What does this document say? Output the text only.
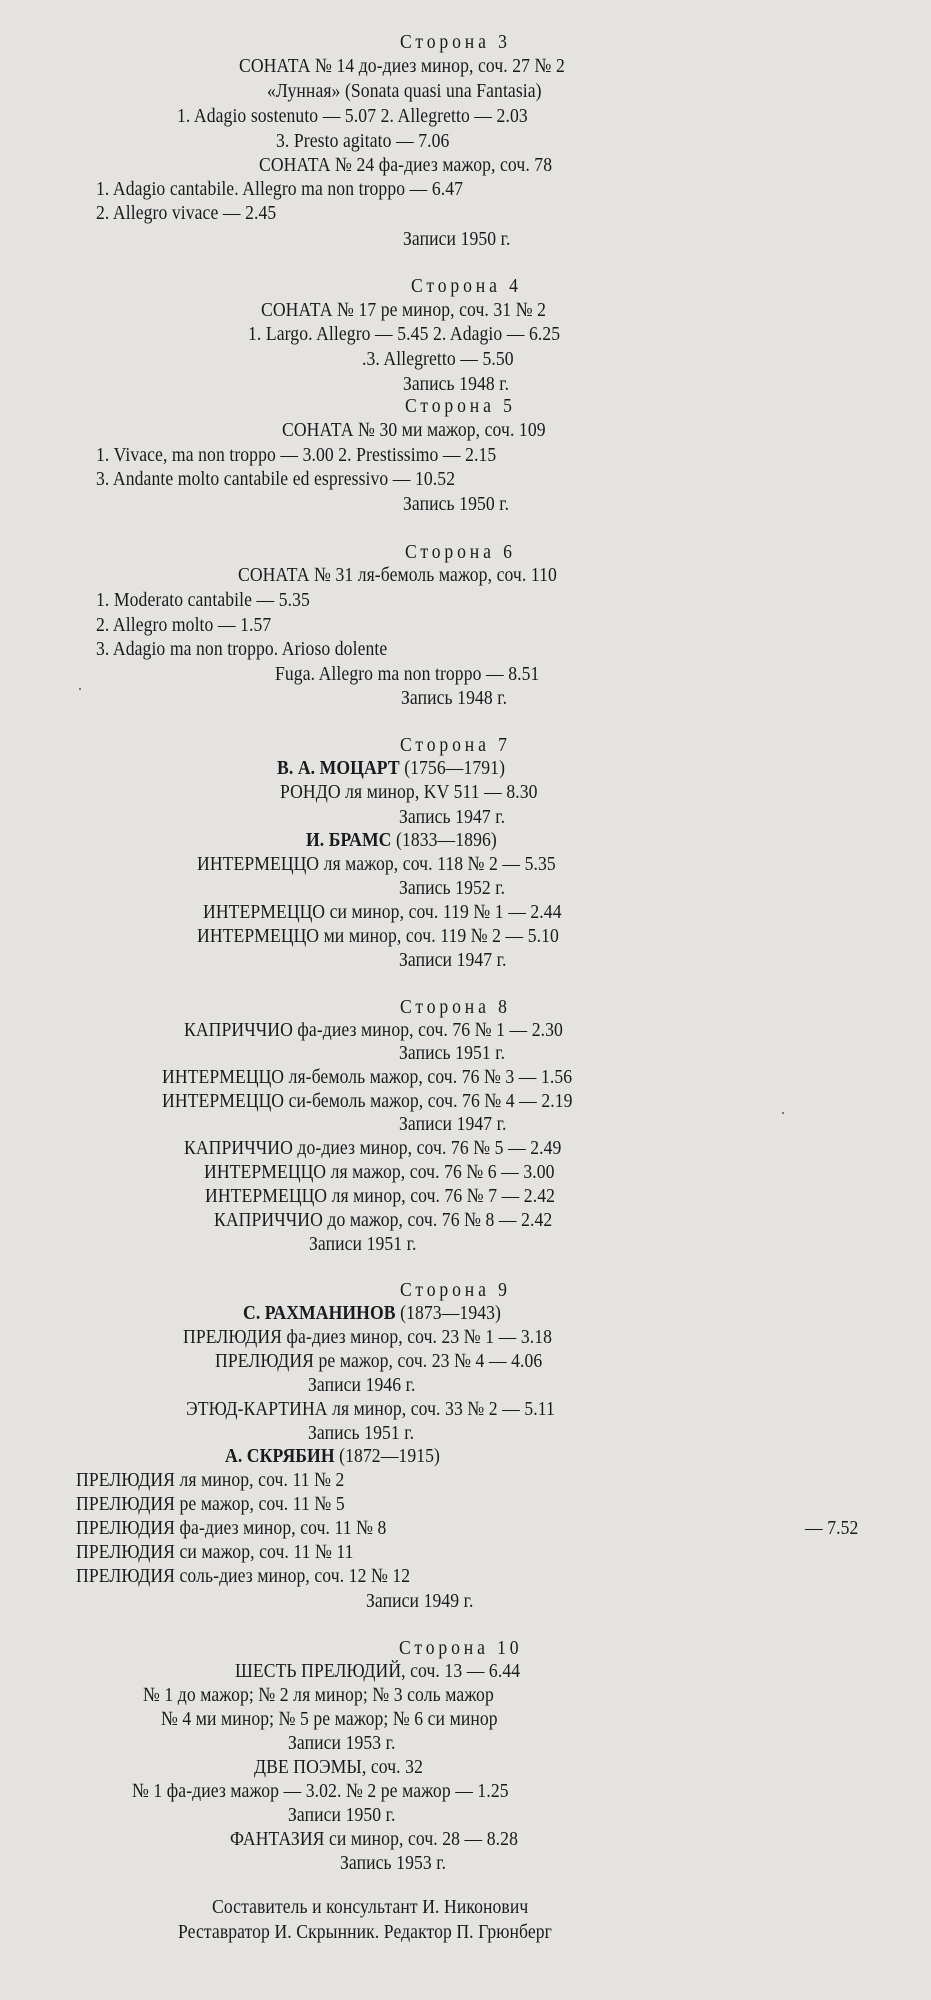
Сторона 3
СОНАТА № 14 до-диез минор, соч. 27 № 2
«Лунная» (Sonata quasi una Fantasia)
1. Adagio sostenuto — 5.07 2. Allegretto — 2.03
3. Presto agitato — 7.06
СОНАТА № 24 фа-диез мажор, соч. 78
1. Adagio cantabile. Allegro ma non troppo — 6.47
2. Allegro vivace — 2.45
Записи 1950 г.
Сторона 4
СОНАТА № 17 ре минор, соч. 31 № 2
1. Largo. Allegro — 5.45 2. Adagio — 6.25
.3. Allegretto — 5.50
Запись 1948 г.
Сторона 5
СОНАТА № 30 ми мажор, соч. 109
1. Vivace, ma non troppo — 3.00 2. Prestissimo — 2.15
3. Andante molto cantabile ed espressivo — 10.52
Запись 1950 г.
Сторона 6
СОНАТА № 31 ля-бемоль мажор, соч. 110
1. Moderato cantabile — 5.35
2. Allegro molto — 1.57
3. Adagio ma non troppo. Arioso dolente
Fuga. Allegro ma non troppo — 8.51
Запись 1948 г.
Сторона 7
В. А. МОЦАРТ (1756—1791)
РОНДО ля минор, KV 511 — 8.30
Запись 1947 г.
И. БРАМС (1833—1896)
ИНТЕРМЕЦЦО ля мажор, соч. 118 № 2 — 5.35
Запись 1952 г.
ИНТЕРМЕЦЦО си минор, соч. 119 № 1 — 2.44
ИНТЕРМЕЦЦО ми минор, соч. 119 № 2 — 5.10
Записи 1947 г.
Сторона 8
КАПРИЧЧИО фа-диез минор, соч. 76 № 1 — 2.30
Запись 1951 г.
ИНТЕРМЕЦЦО ля-бемоль мажор, соч. 76 № 3 — 1.56
ИНТЕРМЕЦЦО си-бемоль мажор, соч. 76 № 4 — 2.19
Записи 1947 г.
КАПРИЧЧИО до-диез минор, соч. 76 № 5 — 2.49
ИНТЕРМЕЦЦО ля мажор, соч. 76 № 6 — 3.00
ИНТЕРМЕЦЦО ля минор, соч. 76 № 7 — 2.42
КАПРИЧЧИО до мажор, соч. 76 № 8 — 2.42
Записи 1951 г.
Сторона 9
С. РАХМАНИНОВ (1873—1943)
ПРЕЛЮДИЯ фа-диез минор, соч. 23 № 1 — 3.18
ПРЕЛЮДИЯ ре мажор, соч. 23 № 4 — 4.06
Записи 1946 г.
ЭТЮД-КАРТИНА ля минор, соч. 33 № 2 — 5.11
Запись 1951 г.
А. СКРЯБИН (1872—1915)
ПРЕЛЮДИЯ ля минор, соч. 11 № 2
ПРЕЛЮДИЯ ре мажор, соч. 11 № 5
ПРЕЛЮДИЯ фа-диез минор, соч. 11 № 8
ПРЕЛЮДИЯ си мажор, соч. 11 № 11
ПРЕЛЮДИЯ соль-диез минор, соч. 12 № 12
— 7.52
Записи 1949 г.
Сторона 10
ШЕСТЬ ПРЕЛЮДИЙ, соч. 13 — 6.44
№ 1 до мажор; № 2 ля минор; № 3 соль мажор
№ 4 ми минор; № 5 ре мажор; № 6 си минор
Записи 1953 г.
ДВЕ ПОЭМЫ, соч. 32
№ 1 фа-диез мажор — 3.02. № 2 ре мажор — 1.25
Записи 1950 г.
ФАНТАЗИЯ си минор, соч. 28 — 8.28
Запись 1953 г.
Составитель и консультант И. Никонович
Реставратор И. Скрынник. Редактор П. Грюнберг
